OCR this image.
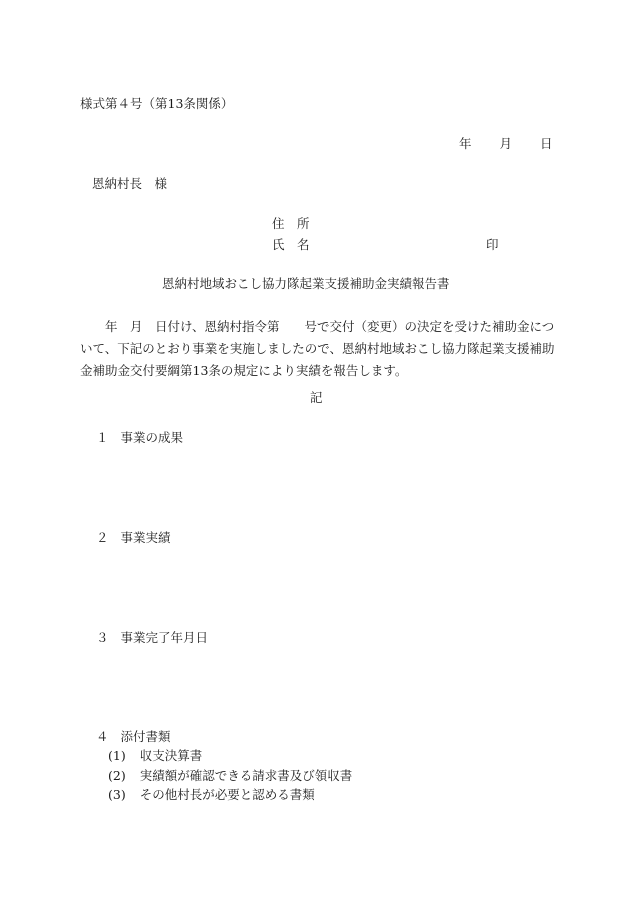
様式第４号（第13条関係）
年 月 日
恩納村長　様
住　所
氏　名	印
恩納村地域おこし協力隊起業支援補助金実績報告書
　　年　月　日付け、恩納村指令第　　号で交付（変更）の決定を受けた補助金について、下記のとおり事業を実施しましたので、恩納村地域おこし協力隊起業支援補助金補助金交付要綱第13条の規定により実績を報告します。
記
１ 事業の成果
２ 事業実績
３ 事業完了年月日
４ 添付書類
(1) 収支決算書
(2) 実績額が確認できる請求書及び領収書
(3) その他村長が必要と認める書類
